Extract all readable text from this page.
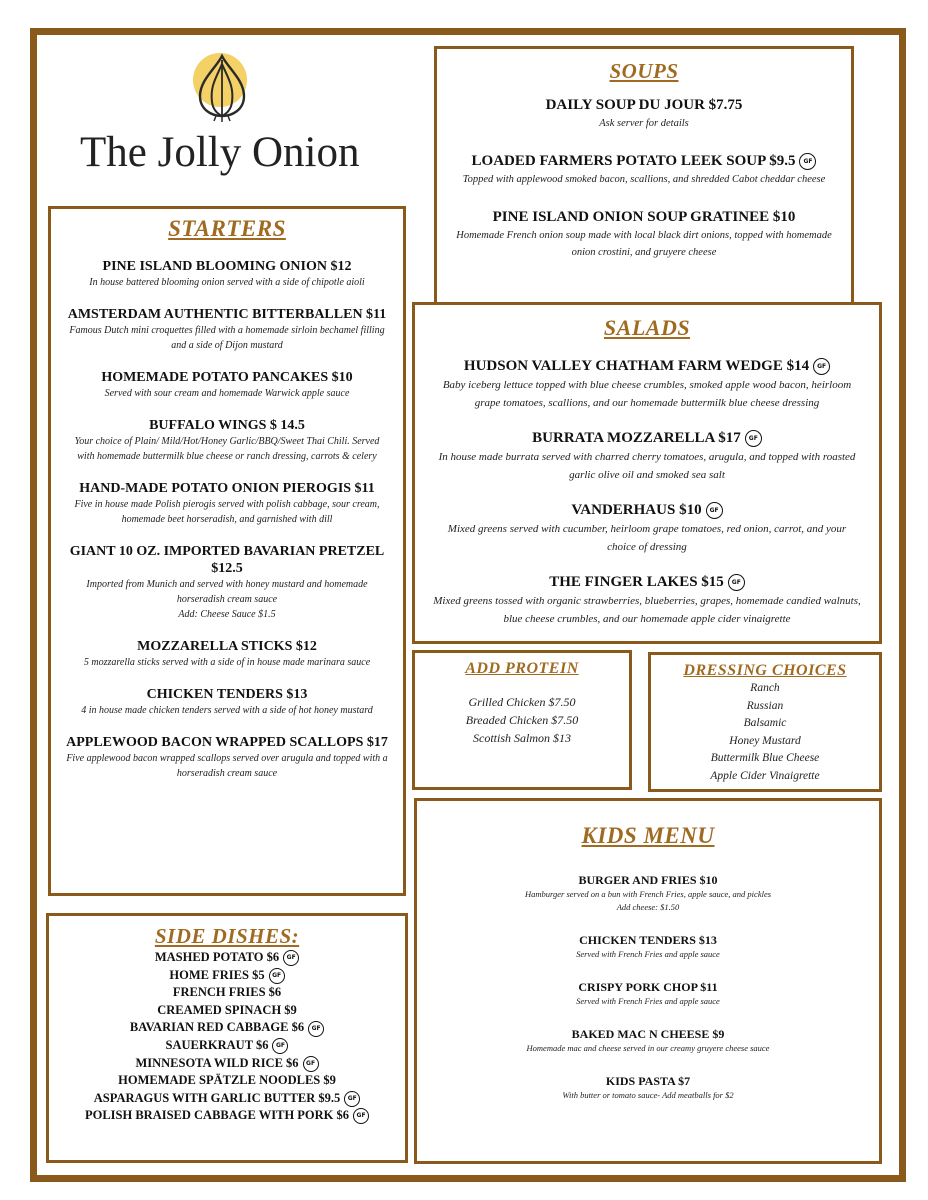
The Jolly Onion
SOUPS
DAILY SOUP DU JOUR $7.75
Ask server for details
LOADED FARMERS POTATO LEEK SOUP $9.5 GF
Topped with applewood smoked bacon, scallions, and shredded Cabot cheddar cheese
PINE ISLAND ONION SOUP GRATINEE $10
Homemade French onion soup made with local black dirt onions, topped with homemade onion crostini, and gruyere cheese
STARTERS
PINE ISLAND BLOOMING ONION $12
In house battered blooming onion served with a side of chipotle aioli
AMSTERDAM AUTHENTIC BITTERBALLEN $11
Famous Dutch mini croquettes filled with a homemade sirloin bechamel filling and a side of Dijon mustard
HOMEMADE POTATO PANCAKES $10
Served with sour cream and homemade Warwick apple sauce
BUFFALO WINGS $ 14.5
Your choice of Plain/ Mild/Hot/Honey Garlic/BBQ/Sweet Thai Chili. Served with homemade buttermilk blue cheese or ranch dressing, carrots & celery
HAND-MADE POTATO ONION PIEROGIS $11
Five in house made Polish pierogis served with polish cabbage, sour cream, homemade beet horseradish, and garnished with dill
GIANT 10 OZ. IMPORTED BAVARIAN PRETZEL $12.5
Imported from Munich and served with honey mustard and homemade horseradish cream sauce
Add: Cheese Sauce $1.5
MOZZARELLA STICKS $12
5 mozzarella sticks served with a side of in house made marinara sauce
CHICKEN TENDERS $13
4 in house made chicken tenders served with a side of hot honey mustard
APPLEWOOD BACON WRAPPED SCALLOPS $17
Five applewood bacon wrapped scallops served over arugula and topped with a horseradish cream sauce
SALADS
HUDSON VALLEY CHATHAM FARM WEDGE $14 GF
Baby iceberg lettuce topped with blue cheese crumbles, smoked apple wood bacon, heirloom grape tomatoes, scallions, and our homemade buttermilk blue cheese dressing
BURRATA MOZZARELLA $17 GF
In house made burrata served with charred cherry tomatoes, arugula, and topped with roasted garlic olive oil and smoked sea salt
VANDERHAUS $10 GF
Mixed greens served with cucumber, heirloom grape tomatoes, red onion, carrot, and your choice of dressing
THE FINGER LAKES $15 GF
Mixed greens tossed with organic strawberries, blueberries, grapes, homemade candied walnuts, blue cheese crumbles, and our homemade apple cider vinaigrette
ADD PROTEIN
Grilled Chicken $7.50
Breaded Chicken $7.50
Scottish Salmon $13
DRESSING CHOICES
Ranch
Russian
Balsamic
Honey Mustard
Buttermilk Blue Cheese
Apple Cider Vinaigrette
SIDE DISHES:
MASHED POTATO $6 GF
HOME FRIES $5 GF
FRENCH FRIES $6
CREAMED SPINACH $9
BAVARIAN RED CABBAGE $6 GF
SAUERKRAUT $6 GF
MINNESOTA WILD RICE $6 GF
HOMEMADE SPÄTZLE NOODLES $9
ASPARAGUS WITH GARLIC BUTTER $9.5 GF
POLISH BRAISED CABBAGE WITH PORK $6 GF
KIDS MENU
BURGER AND FRIES $10
Hamburger served on a bun with French Fries, apple sauce, and pickles
Add cheese: $1.50
CHICKEN TENDERS $13
Served with French Fries and apple sauce
CRISPY PORK CHOP $11
Served with French Fries and apple sauce
BAKED MAC N CHEESE $9
Homemade mac and cheese served in our creamy gruyere cheese sauce
KIDS PASTA $7
With butter or tomato sauce- Add meatballs for $2
